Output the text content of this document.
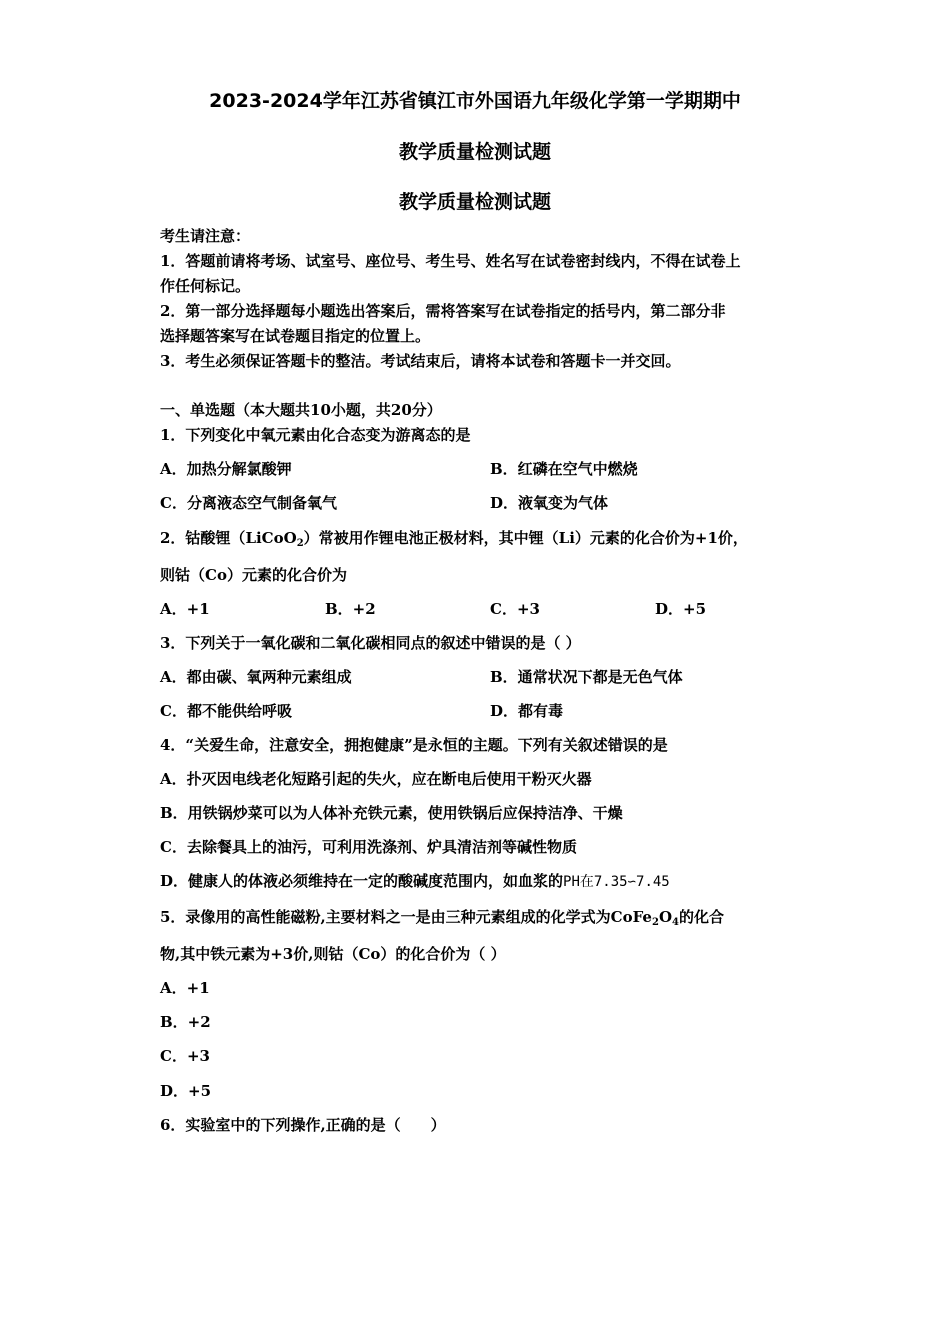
2023-2024学年江苏省镇江市外国语九年级化学第一学期期中
教学质量检测试题
教学质量检测试题
考生请注意：
1．答题前请将考场、试室号、座位号、考生号、姓名写在试卷密封线内，不得在试卷上
作任何标记。
2．第一部分选择题每小题选出答案后，需将答案写在试卷指定的括号内，第二部分非
选择题答案写在试卷题目指定的位置上。
3．考生必须保证答题卡的整洁。考试结束后，请将本试卷和答题卡一并交回。
一、单选题（本大题共10小题，共20分）
1．下列变化中氧元素由化合态变为游离态的是
A．加热分解氯酸钾	B．红磷在空气中燃烧
C．分离液态空气制备氧气	D．液氧变为气体
2．钴酸锂（LiCoO$_2$）常被用作锂电池正极材料，其中锂（Li）元素的化合价为+1价，
则钴（Co）元素的化合价为
A．+1	B．+2	C．+3	D．+5
3．下列关于一氧化碳和二氧化碳相同点的叙述中错误的是（ ）
A．都由碳、氧两种元素组成	B．通常状况下都是无色气体
C．都不能供给呼吸	D．都有毒
4．“关爱生命，注意安全，拥抱健康”是永恒的主题。下列有关叙述错误的是
A．扑灭因电线老化短路引起的失火，应在断电后使用干粉灭火器
B．用铁锅炒菜可以为人体补充铁元素，使用铁锅后应保持洁净、干燥
C．去除餐具上的油污，可利用洗涤剂、炉具清洁剂等碱性物质
D．健康人的体液必须维持在一定的酸碱度范围内，如血浆的PH在7.35∽7.45
5．录像用的高性能磁粉,主要材料之一是由三种元素组成的化学式为$CoFe_2O_4$的化合
物,其中铁元素为+3价,则钴（Co）的化合价为（ ）
A．+1
B．+2
C．+3
D．+5
6．实验室中的下列操作,正确的是（　　）
